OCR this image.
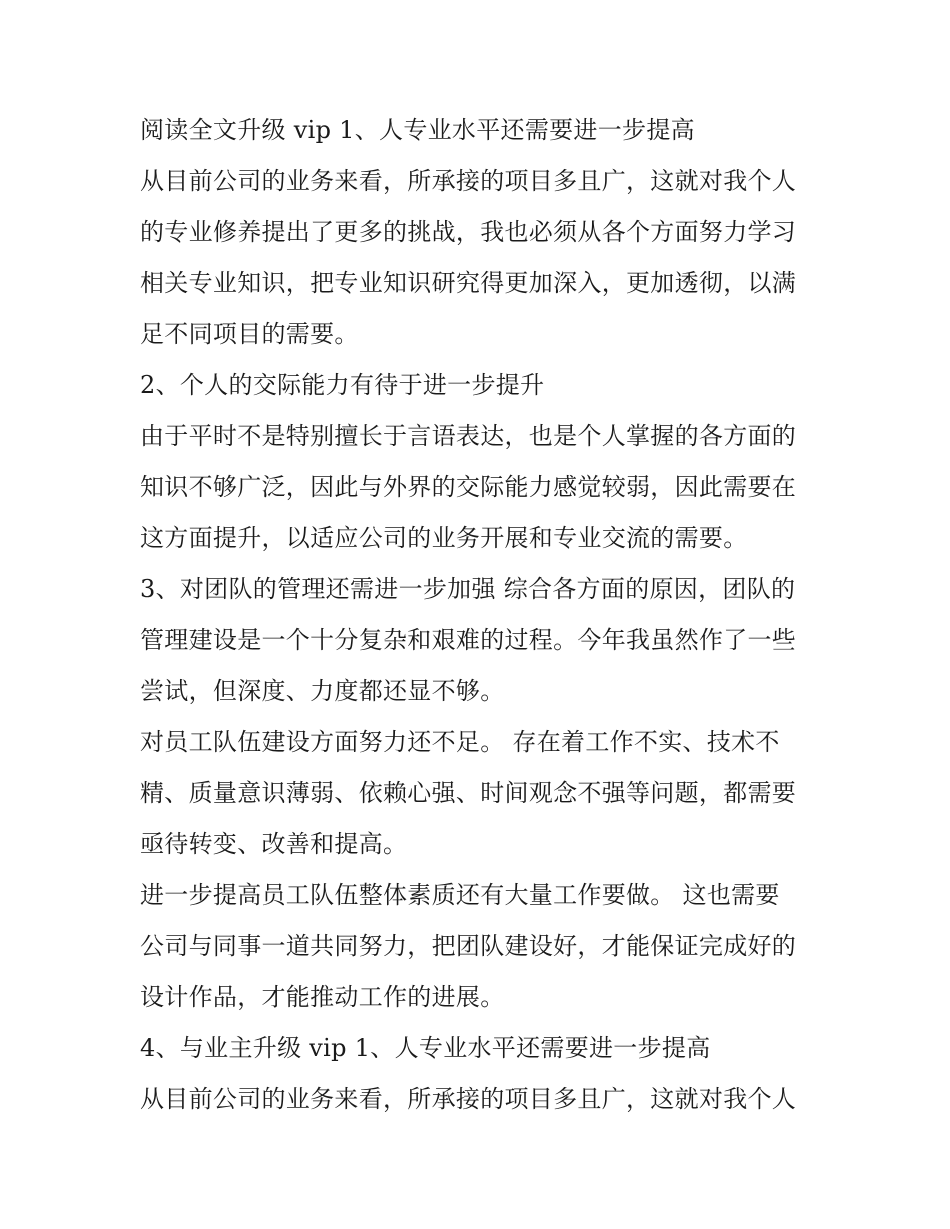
阅读全文升级 vip 1、人专业水平还需要进一步提高
从目前公司的业务来看，所承接的项目多且广，这就对我个人
的专业修养提出了更多的挑战，我也必须从各个方面努力学习
相关专业知识，把专业知识研究得更加深入，更加透彻，以满
足不同项目的需要。
2、个人的交际能力有待于进一步提升
由于平时不是特别擅长于言语表达，也是个人掌握的各方面的
知识不够广泛，因此与外界的交际能力感觉较弱，因此需要在
这方面提升，以适应公司的业务开展和专业交流的需要。
3、对团队的管理还需进一步加强 综合各方面的原因，团队的
管理建设是一个十分复杂和艰难的过程。今年我虽然作了一些
尝试，但深度、力度都还显不够。
对员工队伍建设方面努力还不足。 存在着工作不实、技术不
精、质量意识薄弱、依赖心强、时间观念不强等问题，都需要
亟待转变、改善和提高。
进一步提高员工队伍整体素质还有大量工作要做。 这也需要
公司与同事一道共同努力，把团队建设好，才能保证完成好的
设计作品，才能推动工作的进展。
4、与业主升级 vip 1、人专业水平还需要进一步提高
从目前公司的业务来看，所承接的项目多且广，这就对我个人
